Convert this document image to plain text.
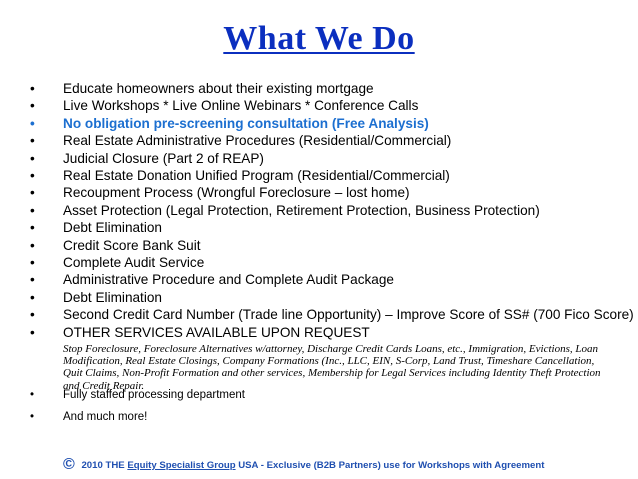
What We Do
• Educate homeowners about their existing mortgage
• Live Workshops * Live Online Webinars * Conference Calls
• No obligation pre-screening consultation (Free Analysis)
• Real Estate Administrative Procedures (Residential/Commercial)
• Judicial Closure (Part 2 of REAP)
• Real Estate Donation Unified Program (Residential/Commercial)
• Recoupment Process (Wrongful Foreclosure – lost home)
• Asset Protection (Legal Protection, Retirement Protection, Business Protection)
• Debt Elimination
• Credit Score Bank Suit
• Complete Audit Service
• Administrative Procedure and Complete Audit Package
• Debt Elimination
• Second Credit Card Number (Trade line Opportunity) – Improve Score of SS# (700 Fico Score)
• OTHER SERVICES AVAILABLE UPON REQUEST
Stop Foreclosure, Foreclosure Alternatives w/attorney, Discharge Credit Cards Loans, etc., Immigration, Evictions, Loan Modification, Real Estate Closings, Company Formations (Inc., LLC, EIN, S-Corp, Land Trust, Timeshare Cancellation, Quit Claims, Non-Profit Formation and other services, Membership for Legal Services including Identity Theft Protection and Credit Repair.
•	Fully staffed processing department
•	And much more!
© 2010 THE Equity Specialist Group USA - Exclusive (B2B Partners) use for Workshops with Agreement
